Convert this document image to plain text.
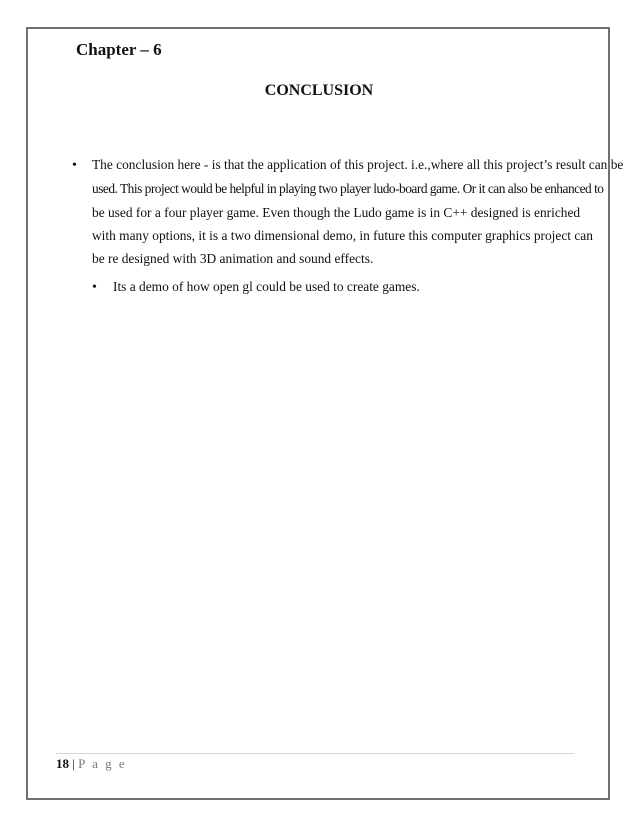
Chapter – 6
CONCLUSION
• The conclusion here - is that the application of this project. i.e.,where all this project’s result can be
used. This project would be helpful in playing two player ludo-board game. Or it can also be enhanced to
be used for a four player game. Even though the Ludo game is in C++ designed is enriched
with many options, it is a two dimensional demo, in future this computer graphics project can
be re designed with 3D animation and sound effects.
• Its a demo of how open gl could be used to create games.
18 | P a g e
